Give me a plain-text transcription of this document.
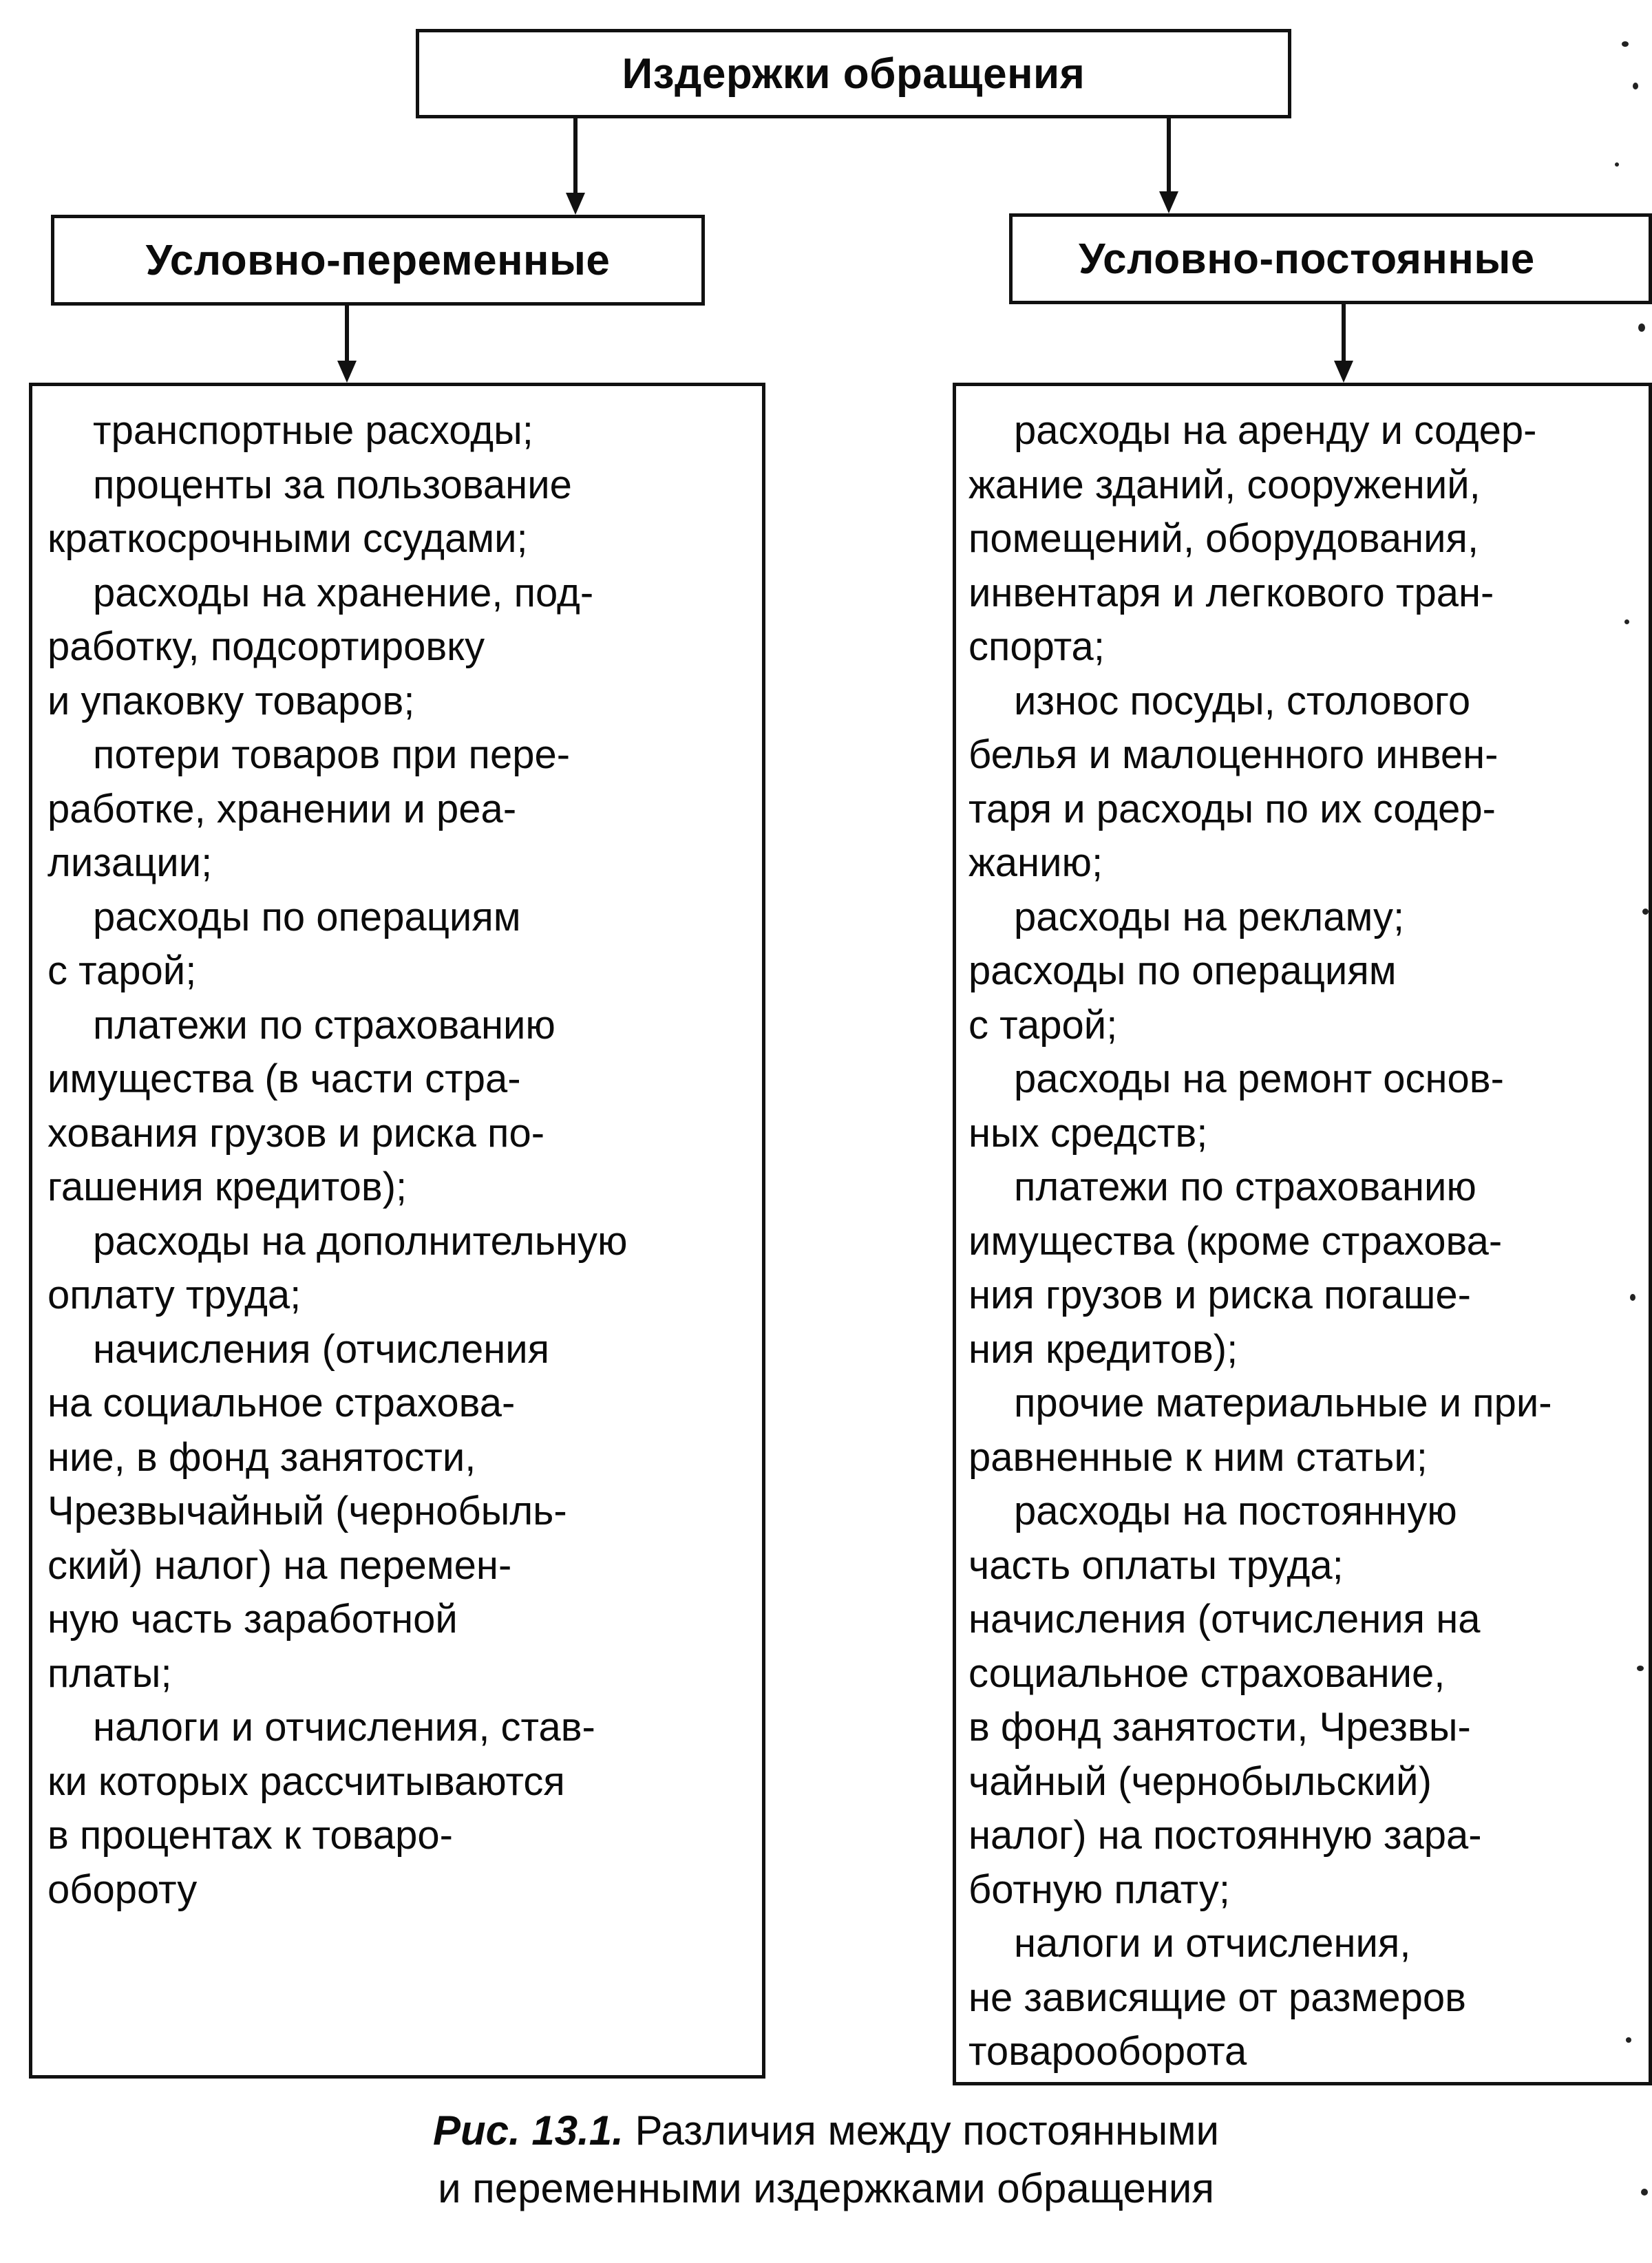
Издержки обращения
Условно-переменные	Условно-постоянные
транспортные расходы;
проценты за пользование
краткосрочными ссудами;
расходы на хранение, под-
работку, подсортировку
и упаковку товаров;
потери товаров при пере-
работке, хранении и реа-
лизации;
расходы по операциям
с тарой;
платежи по страхованию
имущества (в части стра-
хования грузов и риска по-
гашения кредитов);
расходы на дополнительную
оплату труда;
начисления (отчисления
на социальное страхова-
ние, в фонд занятости,
Чрезвычайный (чернобыль-
ский) налог) на перемен-
ную часть заработной
платы;
налоги и отчисления, став-
ки которых рассчитываются
в процентах к товаро-
обороту
расходы на аренду и содер-
жание зданий, сооружений,
помещений, оборудования,
инвентаря и легкового тран-
спорта;
износ посуды, столового
белья и малоценного инвен-
таря и расходы по их содер-
жанию;
расходы на рекламу;
расходы по операциям
с тарой;
расходы на ремонт основ-
ных средств;
платежи по страхованию
имущества (кроме страхова-
ния грузов и риска погаше-
ния кредитов);
прочие материальные и при-
равненные к ним статьи;
расходы на постоянную
часть оплаты труда;
начисления (отчисления на
социальное страхование,
в фонд занятости, Чрезвы-
чайный (чернобыльский)
налог) на постоянную зара-
ботную плату;
налоги и отчисления,
не зависящие от размеров
товарооборота
Рис. 13.1. Различия между постоянными
и переменными издержками обращения
